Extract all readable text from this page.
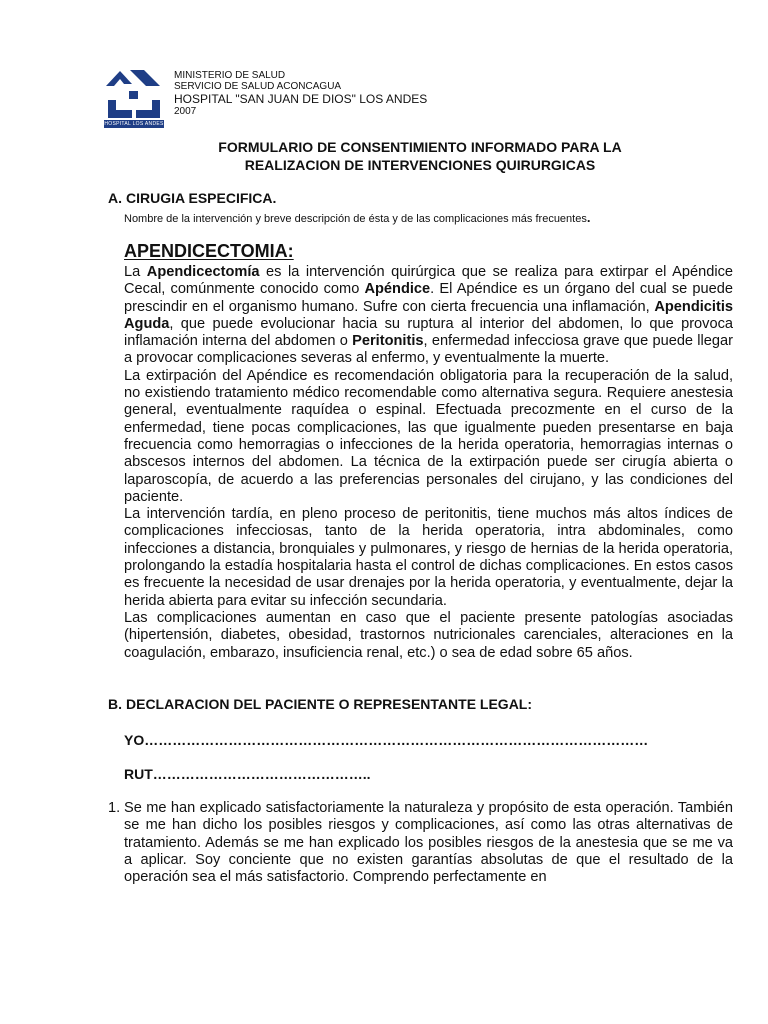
HOSPITAL LOS ANDES
MINISTERIO DE SALUD
SERVICIO DE SALUD ACONCAGUA
HOSPITAL "SAN JUAN DE DIOS" LOS ANDES
2007
FORMULARIO DE CONSENTIMIENTO INFORMADO PARA LA
REALIZACION DE INTERVENCIONES QUIRURGICAS
A. CIRUGIA ESPECIFICA.
Nombre de la intervención y breve descripción de ésta y de las complicaciones más frecuentes.
APENDICECTOMIA:

La Apendicectomía es la intervención quirúrgica que se realiza para extirpar el Apéndice Cecal, comúnmente conocido como Apéndice. El Apéndice es un órgano del cual se puede prescindir en el organismo humano. Sufre con cierta frecuencia una inflamación, Apendicitis Aguda, que puede evolucionar hacia su ruptura al interior del abdomen, lo que provoca inflamación interna del abdomen o Peritonitis, enfermedad infecciosa grave que puede llegar a provocar complicaciones severas al enfermo, y eventualmente la muerte.

La extirpación del Apéndice es recomendación obligatoria para la recuperación de la salud, no existiendo tratamiento médico recomendable como alternativa segura. Requiere anestesia general, eventualmente raquídea o espinal. Efectuada precozmente en el curso de la enfermedad, tiene pocas complicaciones, las que igualmente pueden presentarse en baja frecuencia como hemorragias o infecciones de la herida operatoria, hemorragias internas o abscesos internos del abdomen. La técnica de la extirpación puede ser cirugía abierta o laparoscopía, de acuerdo a las preferencias personales del cirujano, y las condiciones del paciente.

La intervención tardía, en pleno proceso de peritonitis, tiene muchos más altos índices de complicaciones infecciosas, tanto de la herida operatoria, intra abdominales, como infecciones a distancia, bronquiales y pulmonares, y riesgo de hernias de la herida operatoria, prolongando la estadía hospitalaria hasta el control de dichas complicaciones. En estos casos es frecuente la necesidad de usar drenajes por la herida operatoria, y eventualmente, dejar la herida abierta para evitar su infección secundaria.

Las complicaciones aumentan en caso que el paciente presente patologías asociadas (hipertensión, diabetes, obesidad, trastornos nutricionales carenciales, alteraciones en la coagulación, embarazo, insuficiencia renal, etc.) o sea de edad sobre 65 años.

B. DECLARACION DEL PACIENTE O REPRESENTANTE LEGAL:
YO………………………………………………………………………………………………
RUT………………………………………..
1. Se me han explicado satisfactoriamente la naturaleza y propósito de esta operación. También se me han dicho los posibles riesgos y complicaciones, así como las otras alternativas de tratamiento. Además se me han explicado los posibles riesgos de la anestesia que se me va a aplicar. Soy conciente que no existen garantías absolutas de que el resultado de la operación sea el más satisfactorio. Comprendo perfectamente en
